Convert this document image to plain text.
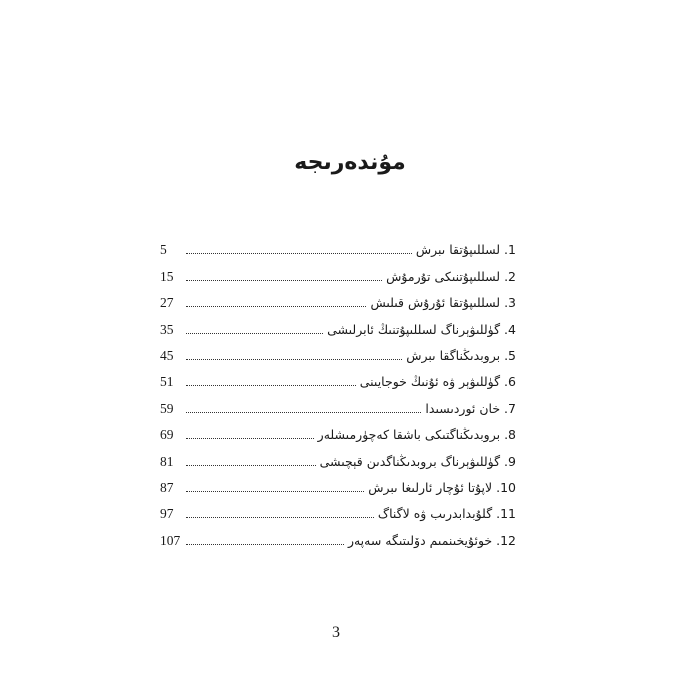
مۇندەرىجە
5	1. لسللىپۇتقا ىبرش
15	2. لسللىپۇتنىكى تۇرمۇش
27	3. لسللىپۇتقا ئۇرۇش قىلىش
35	4. گۈللىۋېرناگ لسللىپۇتنىڭ ئابرلىشى
45	5. بروبدىڭناگقا ىبرش
51	6. گۈللىۋېر ۋە ئۇنىڭ خوجايىنى
59	7. خان ئوردىسىدا
69	8. بروبدىڭناگتىكى باشقا كەچۈرمىشلەر
81	9. گۈللىۋېرناگ بروبدىڭناگدىن قېچىشى
87	10. لاپۇتا ئۇچار ئارلىغا ىبرش
97	11. گلۇبدابدرىب ۋە لاگناگ
107	12. خوئۇيخىنمىم دۆلىتىگە سەپەر
3
